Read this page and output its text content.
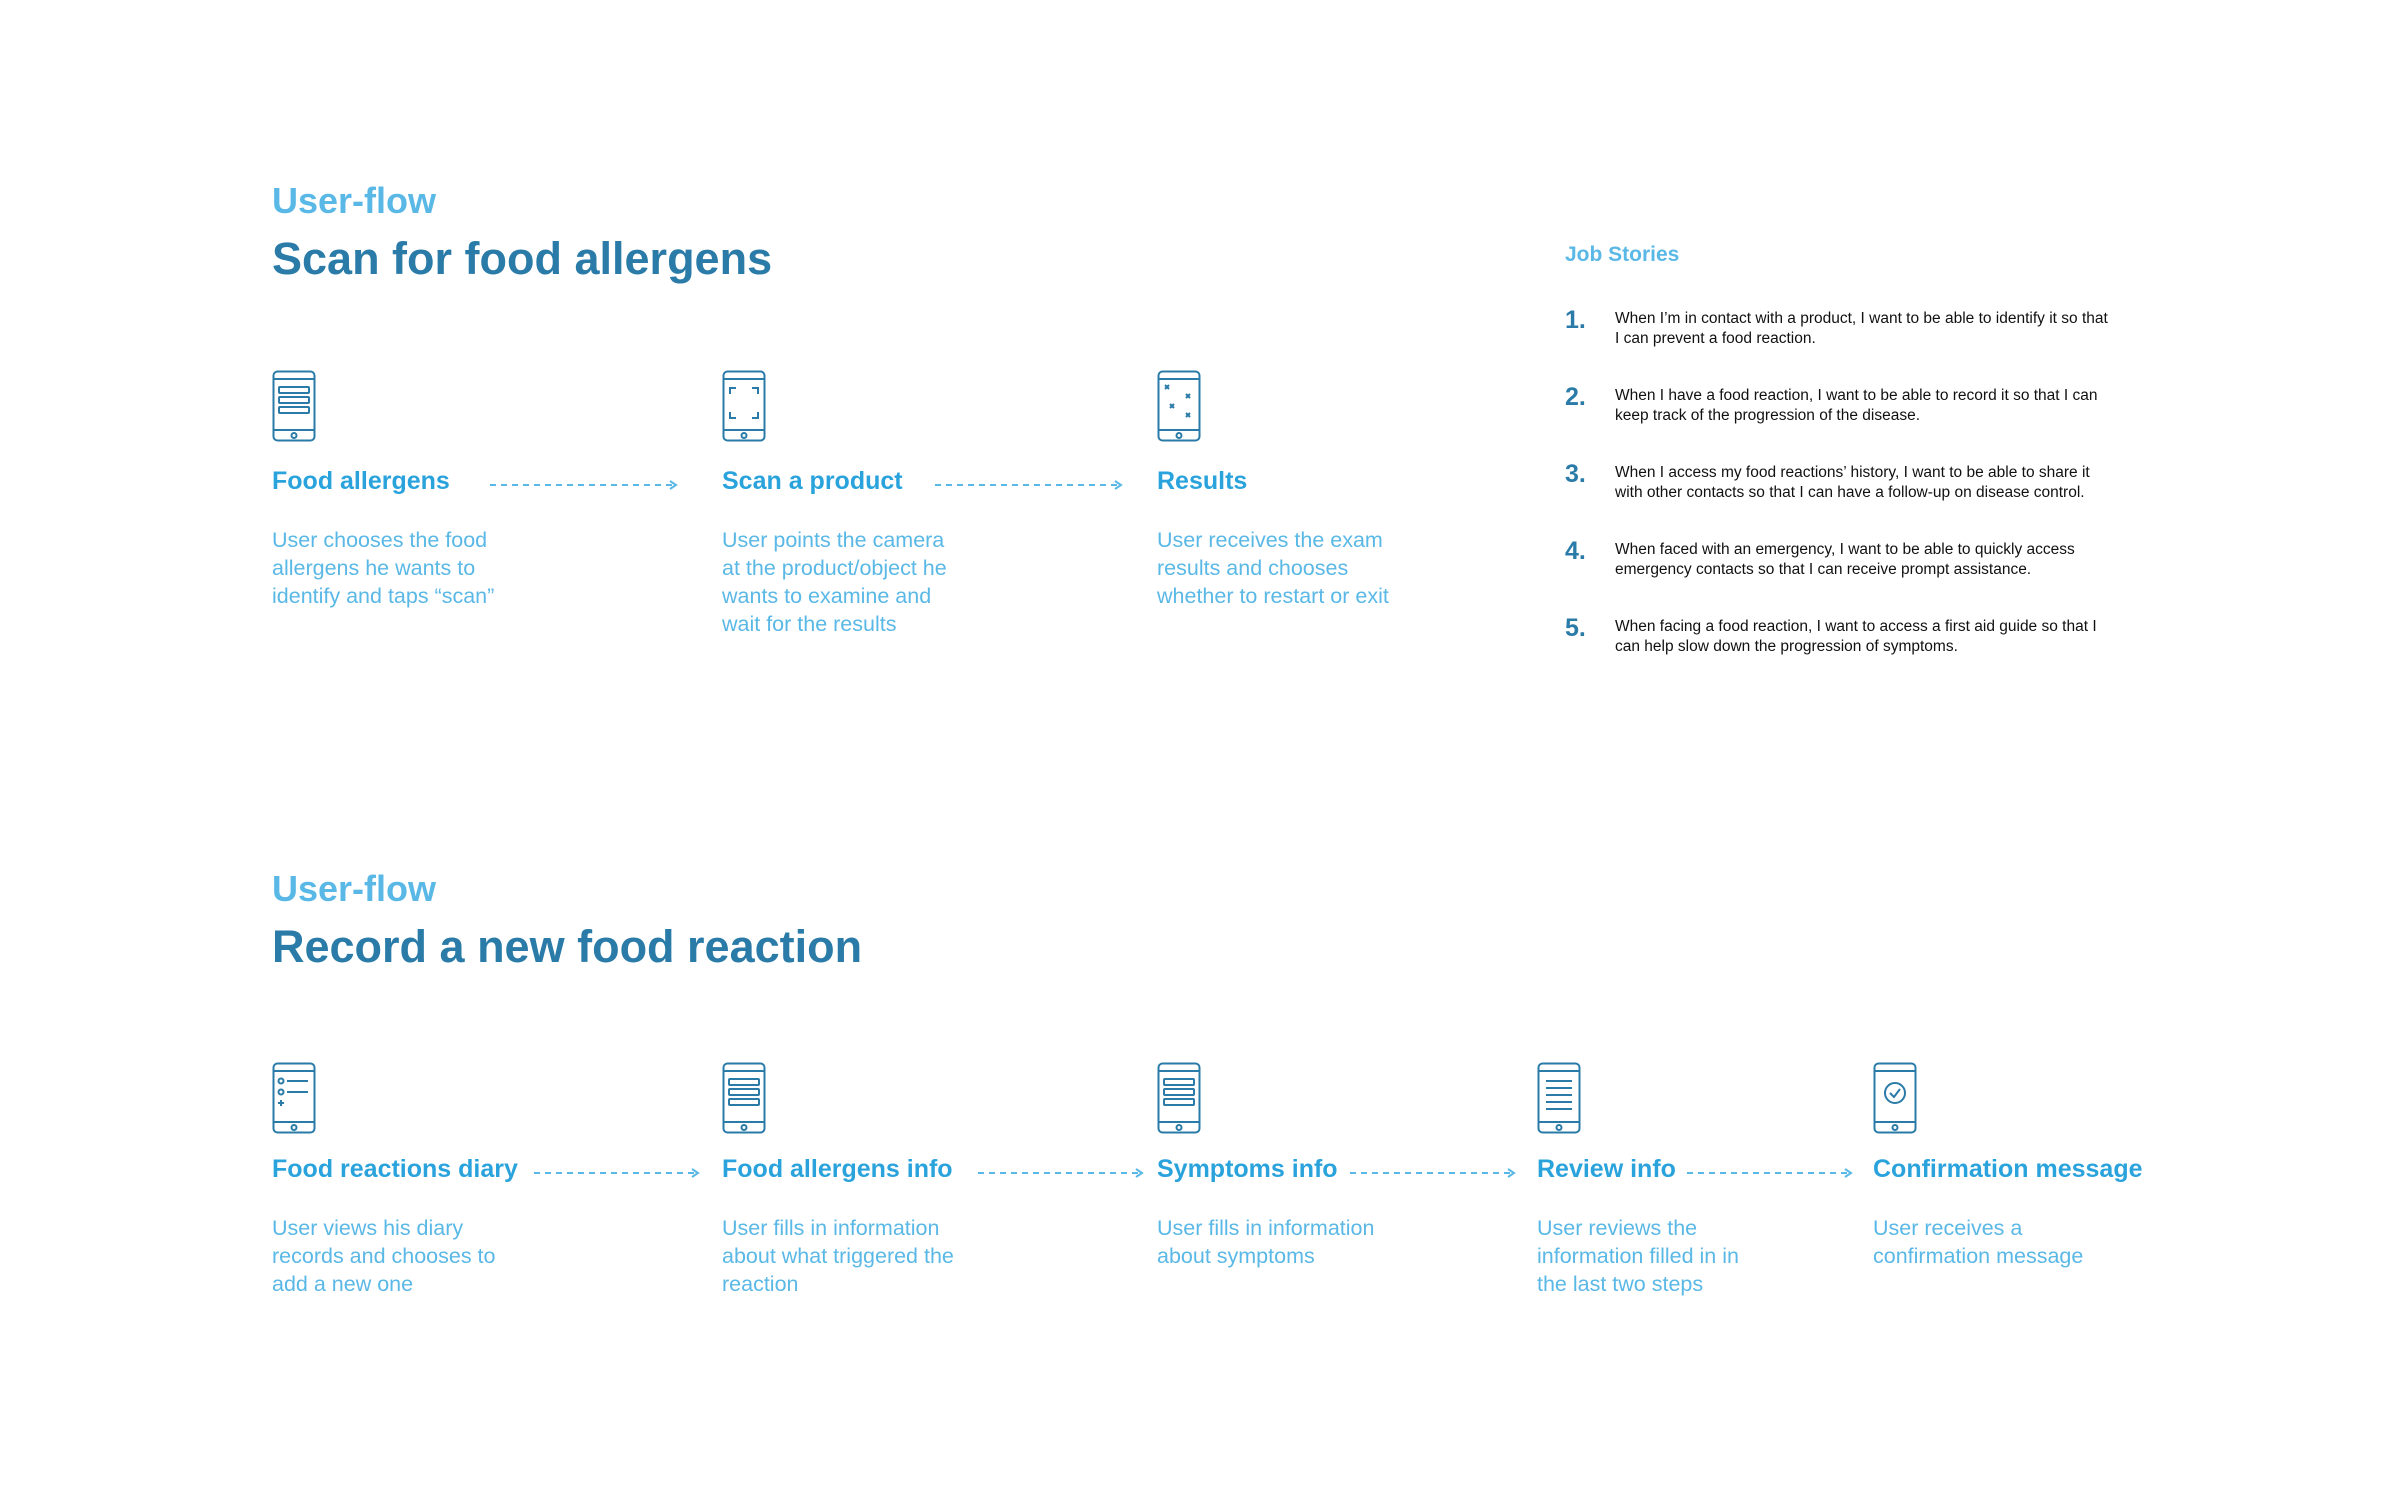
User-flow
Scan for food allergens
Food allergens	Scan a product	Results
User chooses the food allergens he wants to identify and taps “scan”
User points the camera at the product/object he wants to examine and wait for the results
User receives the exam results and chooses whether to restart or exit
Job Stories
1. When I’m in contact with a product, I want to be able to identify it so that I can prevent a food reaction.
2. When I have a food reaction, I want to be able to record it so that I can keep track of the progression of the disease.
3. When I access my food reactions’ history, I want to be able to share it with other contacts so that I can have a follow-up on disease control.
4. When faced with an emergency, I want to be able to quickly access emergency contacts so that I can receive prompt assistance.
5. When facing a food reaction, I want to access a first aid guide so that I can help slow down the progression of symptoms.
User-flow
Record a new food reaction
Food reactions diary	Food allergens info	Symptoms info	Review info	Confirmation message
User views his diary records and chooses to add a new one
User fills in information about what triggered the reaction
User fills in information about symptoms
User reviews the information filled in in the last two steps
User receives a confirmation message
